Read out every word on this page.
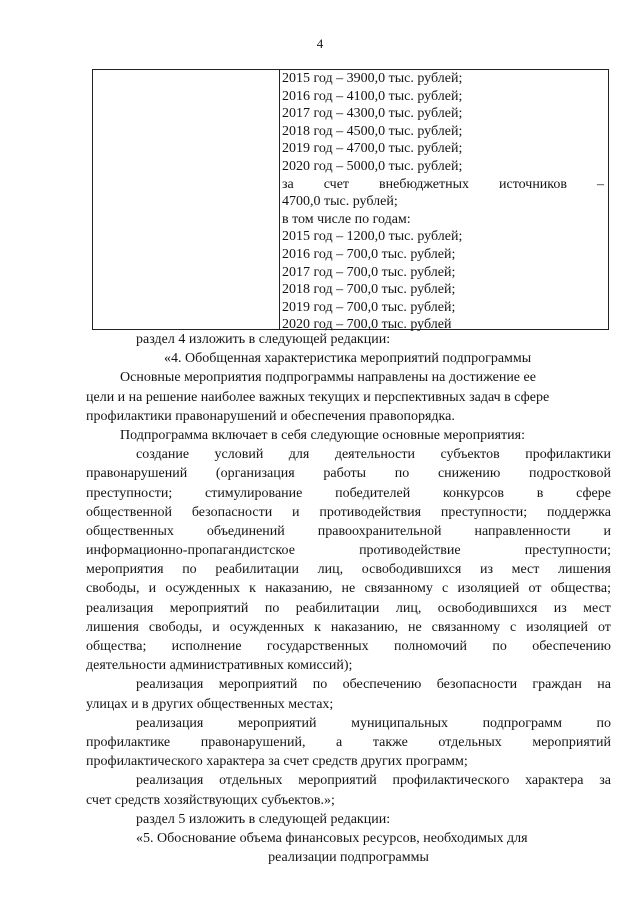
4
2015 год – 3900,0 тыс. рублей;
2016 год – 4100,0 тыс. рублей;
2017 год – 4300,0 тыс. рублей;
2018 год – 4500,0 тыс. рублей;
2019 год – 4700,0 тыс. рублей;
2020 год – 5000,0 тыс. рублей;
за счет внебюджетных источников –
4700,0 тыс. рублей;
в том числе по годам:
2015 год – 1200,0 тыс. рублей;
2016 год – 700,0 тыс. рублей;
2017 год – 700,0 тыс. рублей;
2018 год – 700,0 тыс. рублей;
2019 год – 700,0 тыс. рублей;
2020 год – 700,0 тыс. рублей
раздел 4 изложить в следующей редакции:
«4. Обобщенная характеристика мероприятий подпрограммы
Основные мероприятия подпрограммы направлены на достижение ее
цели и на решение наиболее важных текущих и перспективных задач в сфере
профилактики правонарушений и обеспечения правопорядка.
Подпрограмма включает в себя следующие основные мероприятия:
создание условий для деятельности субъектов профилактики
правонарушений (организация работы по снижению подростковой
преступности; стимулирование победителей конкурсов в сфере
общественной безопасности и противодействия преступности; поддержка
общественных объединений правоохранительной направленности и
информационно-пропагандистское	противодействие	преступности;
мероприятия по реабилитации лиц, освободившихся из мест лишения
свободы, и осужденных к наказанию, не связанному с изоляцией от общества;
реализация мероприятий по реабилитации лиц, освободившихся из мест
лишения свободы, и осужденных к наказанию, не связанному с изоляцией от
общества; исполнение государственных полномочий по обеспечению
деятельности административных комиссий);
реализация мероприятий по обеспечению безопасности граждан на
улицах и в других общественных местах;
реализация мероприятий муниципальных подпрограмм по
профилактике правонарушений, а также отдельных мероприятий
профилактического характера за счет средств других программ;
реализация отдельных мероприятий профилактического характера за
счет средств хозяйствующих субъектов.»;
раздел 5 изложить в следующей редакции:
«5. Обоснование объема финансовых ресурсов, необходимых для
реализации подпрограммы
